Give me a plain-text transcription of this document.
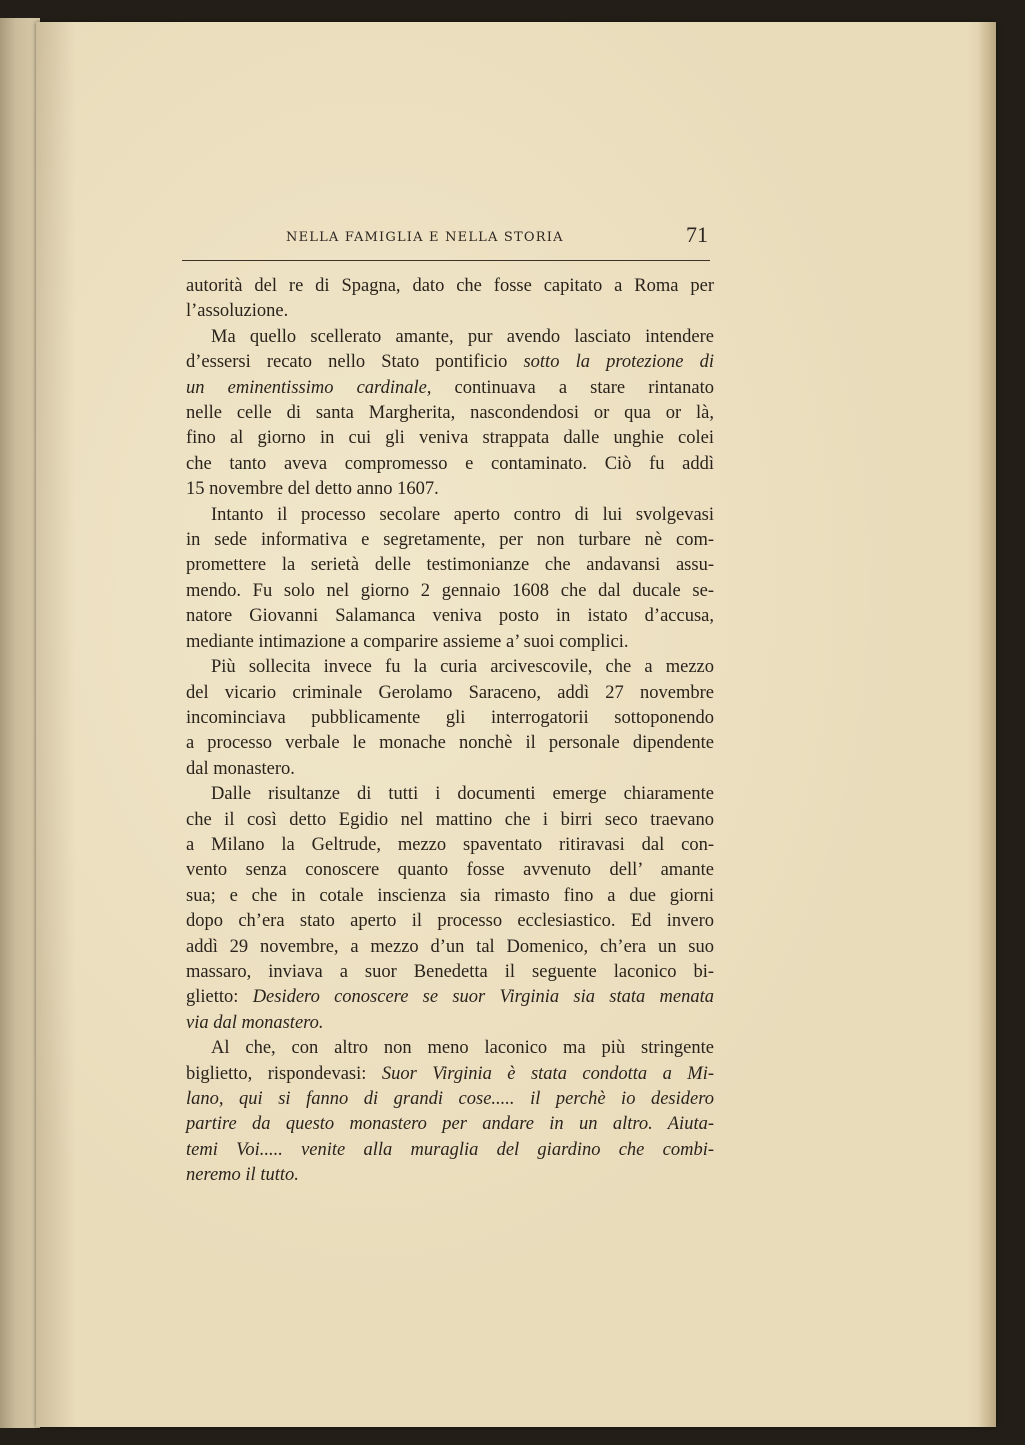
NELLA FAMIGLIA E NELLA STORIA	71
autorità del re di Spagna, dato che fosse capitato a Roma per
l’assoluzione.
Ma quello scellerato amante, pur avendo lasciato intendere
d’essersi recato nello Stato pontificio sotto la protezione di
un eminentissimo cardinale, continuava a stare rintanato
nelle celle di santa Margherita, nascondendosi or qua or là,
fino al giorno in cui gli veniva strappata dalle unghie colei
che tanto aveva compromesso e contaminato. Ciò fu addì
15 novembre del detto anno 1607.
Intanto il processo secolare aperto contro di lui svolgevasi
in sede informativa e segretamente, per non turbare nè com-
promettere la serietà delle testimonianze che andavansi assu-
mendo. Fu solo nel giorno 2 gennaio 1608 che dal ducale se-
natore Giovanni Salamanca veniva posto in istato d’accusa,
mediante intimazione a comparire assieme a’ suoi complici.
Più sollecita invece fu la curia arcivescovile, che a mezzo
del vicario criminale Gerolamo Saraceno, addì 27 novembre
incominciava pubblicamente gli interrogatorii sottoponendo
a processo verbale le monache nonchè il personale dipendente
dal monastero.
Dalle risultanze di tutti i documenti emerge chiaramente
che il così detto Egidio nel mattino che i birri seco traevano
a Milano la Geltrude, mezzo spaventato ritiravasi dal con-
vento senza conoscere quanto fosse avvenuto dell’ amante
sua; e che in cotale inscienza sia rimasto fino a due giorni
dopo ch’era stato aperto il processo ecclesiastico. Ed invero
addì 29 novembre, a mezzo d’un tal Domenico, ch’era un suo
massaro, inviava a suor Benedetta il seguente laconico bi-
glietto: Desidero conoscere se suor Virginia sia stata menata
via dal monastero.
Al che, con altro non meno laconico ma più stringente
biglietto, rispondevasi: Suor Virginia è stata condotta a Mi-
lano, qui si fanno di grandi cose..... il perchè io desidero
partire da questo monastero per andare in un altro. Aiuta-
temi Voi..... venite alla muraglia del giardino che combi-
neremo il tutto.
